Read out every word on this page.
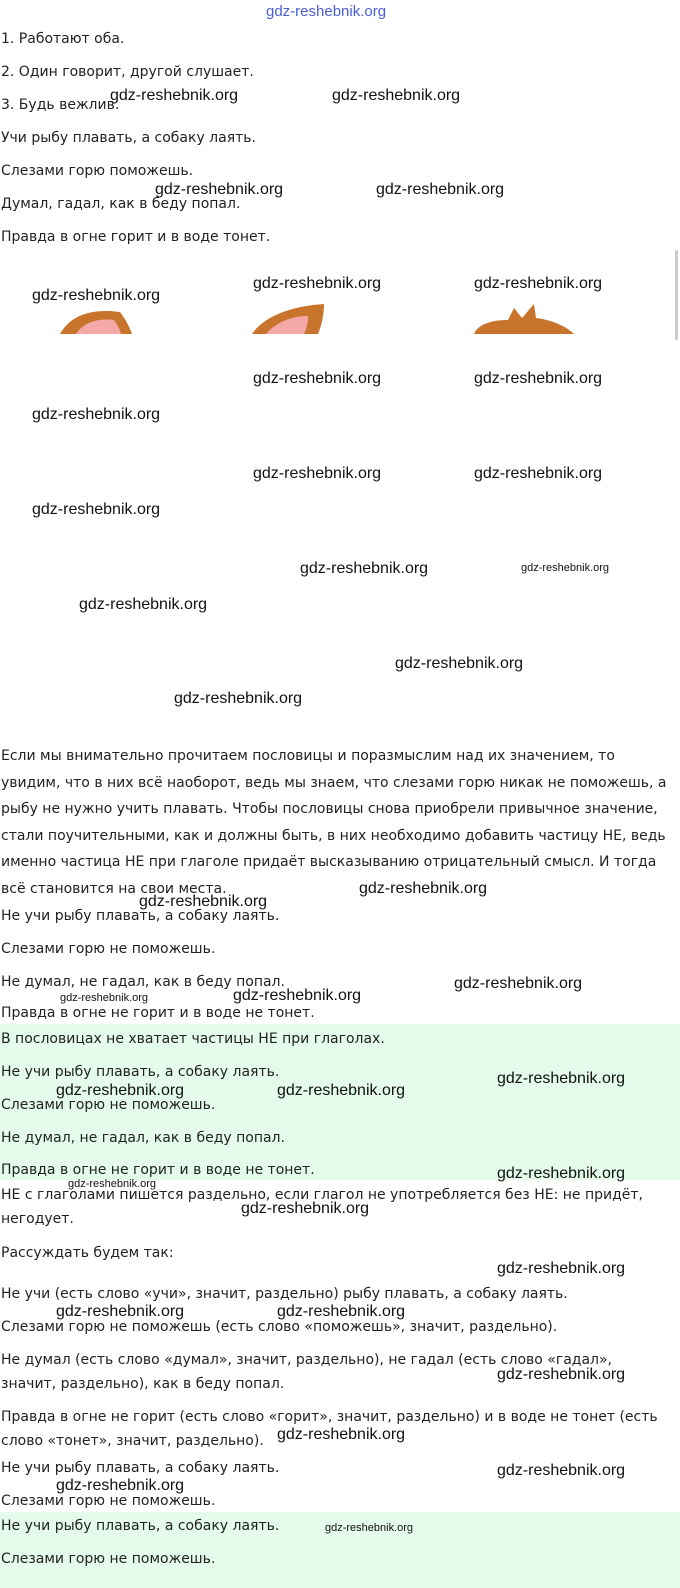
gdz-reshebnik.org
1. Работают оба.
2. Один говорит, другой слушает.
3. Будь вежлив.
Учи рыбу плавать, а собаку лаять.
Слезами горю поможешь.
Думал, гадал, как в беду попал.
Правда в огне горит и в воде тонет.
gdz-reshebnik.org	gdz-reshebnik.org
gdz-reshebnik.org	gdz-reshebnik.org
gdz-reshebnik.org	gdz-reshebnik.org
gdz-reshebnik.org
gdz-reshebnik.org	gdz-reshebnik.org
gdz-reshebnik.org
gdz-reshebnik.org	gdz-reshebnik.org
gdz-reshebnik.org
gdz-reshebnik.org	gdz-reshebnik.org
gdz-reshebnik.org
gdz-reshebnik.org
gdz-reshebnik.org
Если мы внимательно прочитаем пословицы и поразмыслим над их значением, то увидим, что в них всё наоборот, ведь мы знаем, что слезами горю никак не поможешь, а рыбу не нужно учить плавать. Чтобы пословицы снова приобрели привычное значение, стали поучительными, как и должны быть, в них необходимо добавить частицу НЕ, ведь именно частица НЕ при глаголе придаёт высказыванию отрицательный смысл. И тогда всё становится на свои места.
Не учи рыбу плавать, а собаку лаять.
Слезами горю не поможешь.
Не думал, не гадал, как в беду попал.
Правда в огне не горит и в воде не тонет.
gdz-reshebnik.org
gdz-reshebnik.org
gdz-reshebnik.org
gdz-reshebnik.org
gdz-reshebnik.org
В пословицах не хватает частицы НЕ при глаголах.
Не учи рыбу плавать, а собаку лаять.
Слезами горю не поможешь.
Не думал, не гадал, как в беду попал.
Правда в огне не горит и в воде не тонет.
gdz-reshebnik.org
gdz-reshebnik.org	gdz-reshebnik.org
gdz-reshebnik.org
gdz-reshebnik.org
НЕ с глаголами пишется раздельно, если глагол не употребляется без НЕ: не придёт, негодует.
gdz-reshebnik.org
Рассуждать будем так:
gdz-reshebnik.org
Не учи (есть слово «учи», значит, раздельно) рыбу плавать, а собаку лаять.
Слезами горю не поможешь (есть слово «поможешь», значит, раздельно).
Не думал (есть слово «думал», значит, раздельно), не гадал (есть слово «гадал», значит, раздельно), как в беду попал.
Правда в огне не горит (есть слово «горит», значит, раздельно) и в воде не тонет (есть слово «тонет», значит, раздельно).
gdz-reshebnik.org	gdz-reshebnik.org
gdz-reshebnik.org
gdz-reshebnik.org
Не учи рыбу плавать, а собаку лаять.
Слезами горю не поможешь.
gdz-reshebnik.org
gdz-reshebnik.org
Не учи рыбу плавать, а собаку лаять.
Слезами горю не поможешь.
gdz-reshebnik.org
